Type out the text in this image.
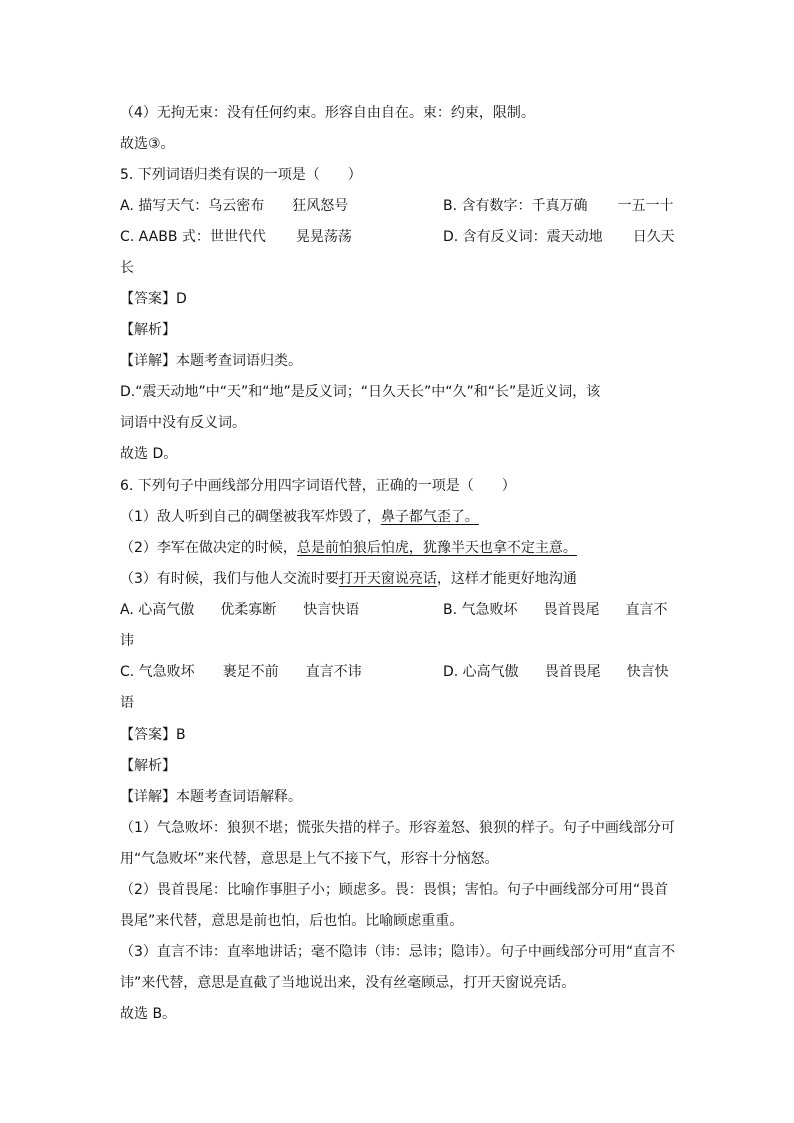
（4）无拘无束：没有任何约束。形容自由自在。束：约束，限制。
故选③。
5. 下列词语归类有误的一项是（　　）
A. 描写天气：乌云密布 狂风怒号	B. 含有数字：千真万确 一五一十
C. AABB 式：世世代代 晃晃荡荡	D. 含有反义词：震天动地 日久天
长
【答案】D
【解析】
【详解】本题考查词语归类。
D.“震天动地”中“天”和“地”是反义词；“日久天长”中“久”和“长”是近义词，该
词语中没有反义词。
故选 D。
6. 下列句子中画线部分用四字词语代替，正确的一项是（　　）
（1）敌人听到自己的碉堡被我军炸毁了，鼻子都气歪了。
（2）李军在做决定的时候，总是前怕狼后怕虎，犹豫半天也拿不定主意。
（3）有时候，我们与他人交流时要打开天窗说亮话，这样才能更好地沟通
A. 心高气傲 优柔寡断 快言快语	B. 气急败坏 畏首畏尾 直言不
讳
C. 气急败坏 裹足不前 直言不讳	D. 心高气傲 畏首畏尾 快言快
语
【答案】B
【解析】
【详解】本题考查词语解释。
（1）气急败坏：狼狈不堪；慌张失措的样子。形容羞怒、狼狈的样子。句子中画线部分可
用“气急败坏”来代替，意思是上气不接下气，形容十分恼怒。
（2）畏首畏尾：比喻作事胆子小；顾虑多。畏：畏惧；害怕。句子中画线部分可用“畏首
畏尾”来代替，意思是前也怕，后也怕。比喻顾虑重重。
（3）直言不讳：直率地讲话；毫不隐讳（讳：忌讳；隐讳）。句子中画线部分可用“直言不
讳”来代替，意思是直截了当地说出来，没有丝毫顾忌，打开天窗说亮话。
故选 B。
